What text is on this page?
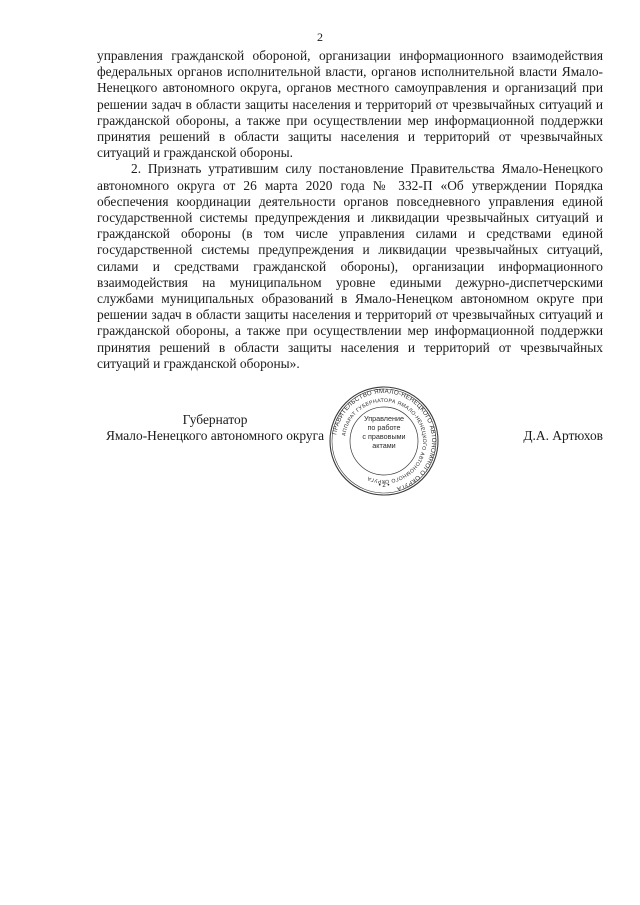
2

управления гражданской обороной, организации информационного взаимодействия федеральных органов исполнительной власти, органов исполнительной власти Ямало-Ненецкого автономного округа, органов местного самоуправления и организаций при решении задач в области защиты населения и территорий от чрезвычайных ситуаций и гражданской обороны, а также при осуществлении мер информационной поддержки принятия решений в области защиты населения и территорий от чрезвычайных ситуаций и гражданской обороны.

2. Признать утратившим силу постановление Правительства Ямало-Ненецкого автономного округа от 26 марта 2020 года № 332-П «Об утверждении Порядка обеспечения координации деятельности органов повседневного управления единой государственной системы предупреждения и ликвидации чрезвычайных ситуаций и гражданской обороны (в том числе управления силами и средствами единой государственной системы предупреждения и ликвидации чрезвычайных ситуаций, силами и средствами гражданской обороны), организации информационного взаимодействия на муниципальном уровне едиными дежурно-диспетчерскими службами муниципальных образований в Ямало-Ненецком автономном округе при решении задач в области защиты населения и территорий от чрезвычайных ситуаций и гражданской обороны, а также при осуществлении мер информационной поддержки принятия решений в области защиты населения и территорий от чрезвычайных ситуаций и гражданской обороны».

Губернатор
Ямало-Ненецкого автономного округа	ПРАВИТЕЛЬСТВО ЯМАЛО-НЕНЕЦКОГО АВТОНОМНОГО ОКРУГА
АППАРАТ ГУБЕРНАТОРА ЯМАЛО-НЕНЕЦКОГО АВТОНОМНОГО ОКРУГА
Управление
по работе
с правовыми
актами
• 2 •
Д.А. Артюхов
